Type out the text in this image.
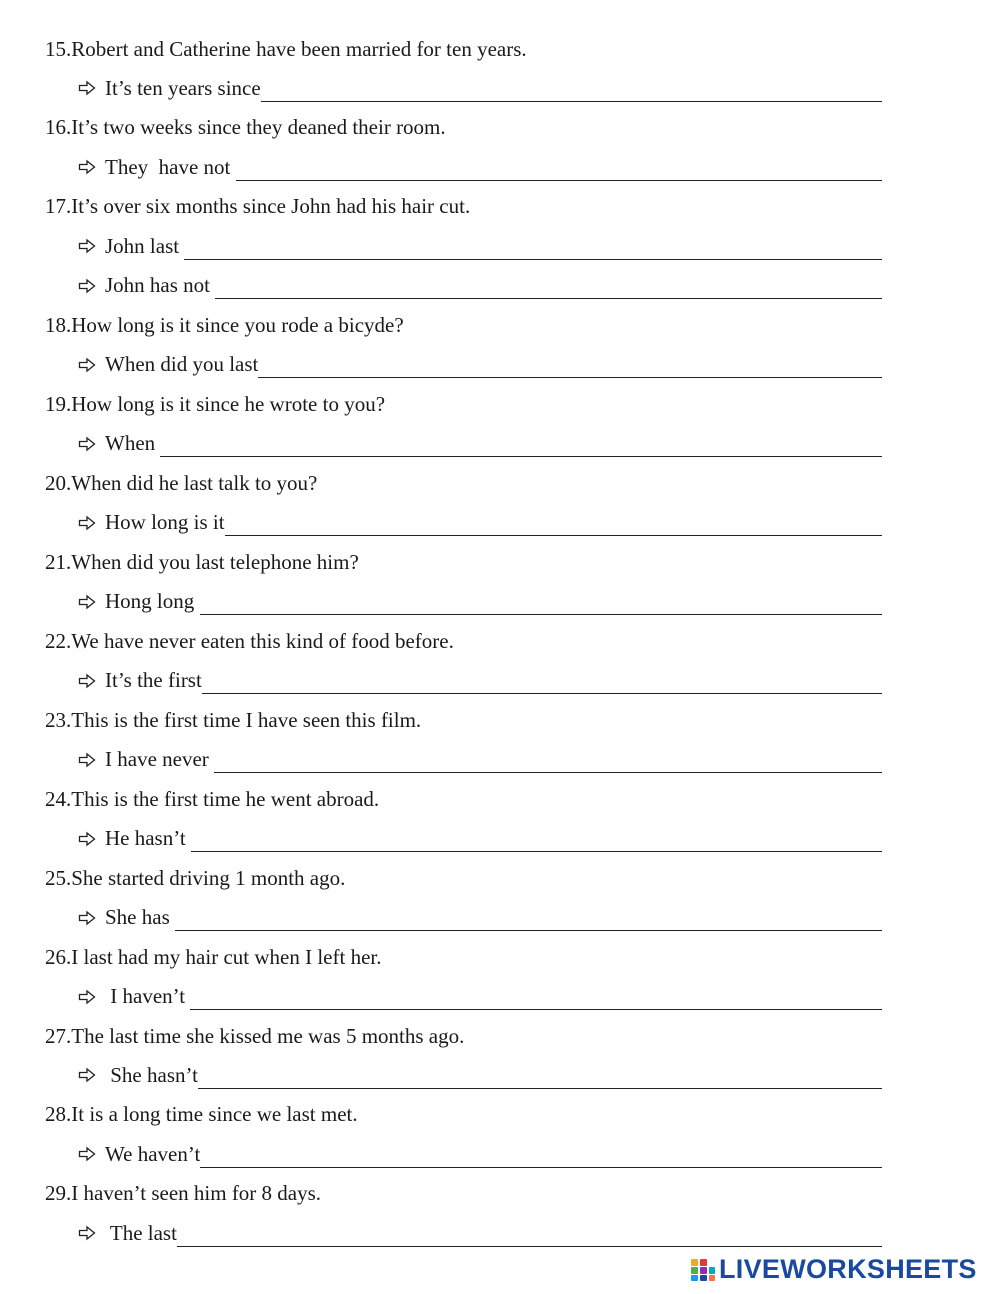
15. Robert and Catherine have been married for ten years.
It’s ten years since
16. It’s two weeks since they deaned their room.
They  have not
17. It’s over six months since John had his hair cut.
John last
John has not
18. How long is it since you rode a bicyde?
When did you last
19. How long is it since he wrote to you?
When
20. When did he last talk to you?
How long is it
21. When did you last telephone him?
Hong long
22. We have never eaten this kind of food before.
It’s the first
23. This is the first time I have seen this film.
I have never
24. This is the first time he went abroad.
He hasn’t
25. She started driving 1 month ago.
She has
26. I last had my hair cut when I left her.
I haven’t
27. The last time she kissed me was 5 months ago.
She hasn’t
28. It is a long time since we last met.
We haven’t
29. I haven’t seen him for 8 days.
The last
LIVEWORKSHEETS
